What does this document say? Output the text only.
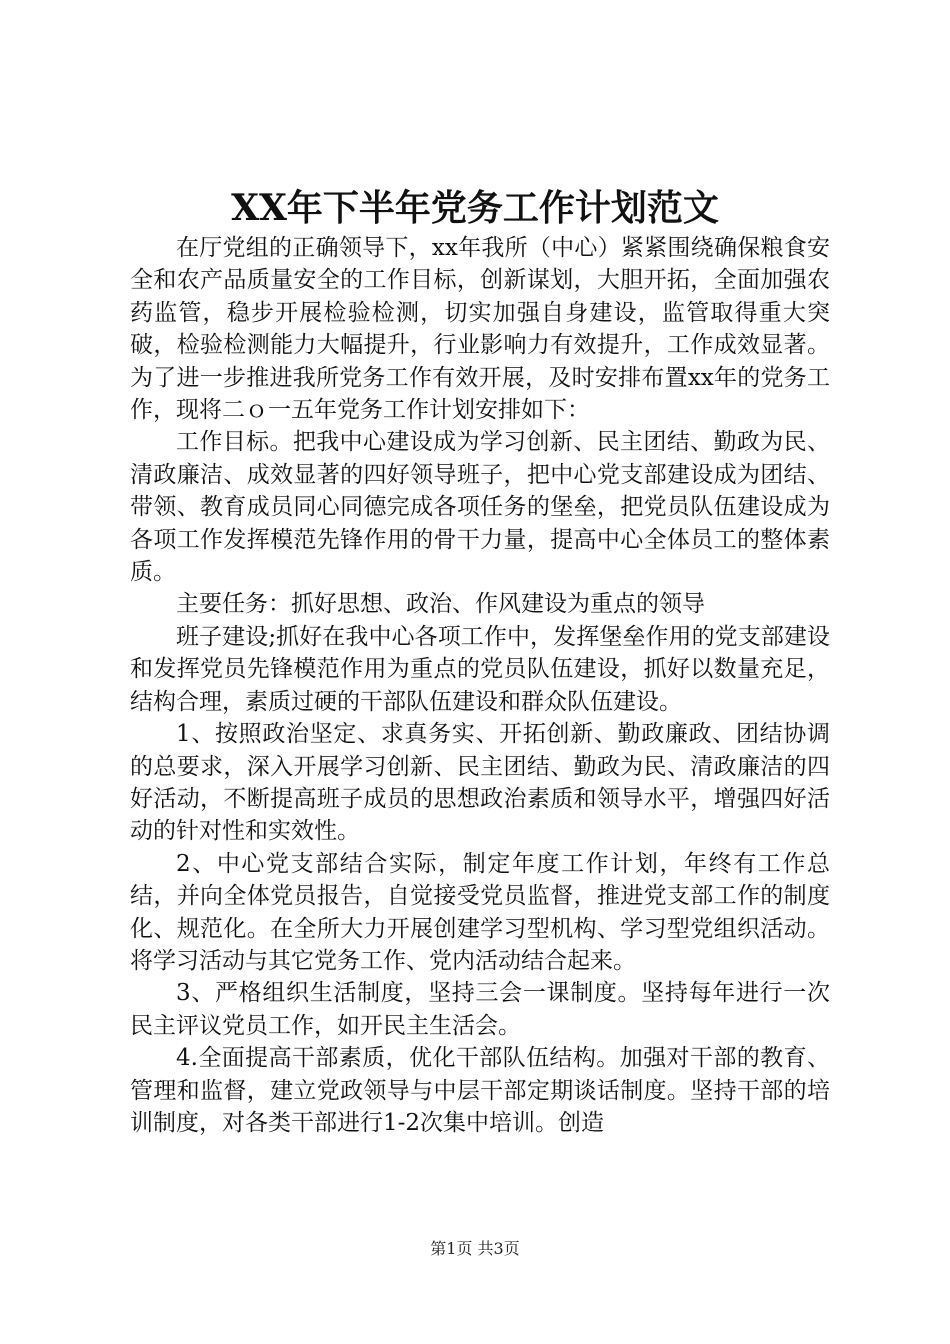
XX年下半年党务工作计划范文

在厅党组的正确领导下，xx年我所（中心）紧紧围绕确保粮食安全和农产品质量安全的工作目标，创新谋划，大胆开拓，全面加强农药监管，稳步开展检验检测，切实加强自身建设，监管取得重大突破，检验检测能力大幅提升，行业影响力有效提升，工作成效显著。为了进一步推进我所党务工作有效开展，及时安排布置xx年的党务工作，现将二ｏ一五年党务工作计划安排如下：

工作目标。把我中心建设成为学习创新、民主团结、勤政为民、清政廉洁、成效显著的四好领导班子，把中心党支部建设成为团结、带领、教育成员同心同德完成各项任务的堡垒，把党员队伍建设成为各项工作发挥模范先锋作用的骨干力量，提高中心全体员工的整体素质。

主要任务：抓好思想、政治、作风建设为重点的领导

班子建设;抓好在我中心各项工作中，发挥堡垒作用的党支部建设和发挥党员先锋模范作用为重点的党员队伍建设，抓好以数量充足，结构合理，素质过硬的干部队伍建设和群众队伍建设。

1、按照政治坚定、求真务实、开拓创新、勤政廉政、团结协调的总要求，深入开展学习创新、民主团结、勤政为民、清政廉洁的四好活动，不断提高班子成员的思想政治素质和领导水平，增强四好活动的针对性和实效性。

2、中心党支部结合实际，制定年度工作计划，年终有工作总结，并向全体党员报告，自觉接受党员监督，推进党支部工作的制度化、规范化。在全所大力开展创建学习型机构、学习型党组织活动。将学习活动与其它党务工作、党内活动结合起来。

3、严格组织生活制度，坚持三会一课制度。坚持每年进行一次民主评议党员工作，如开民主生活会。

4.全面提高干部素质，优化干部队伍结构。加强对干部的教育、管理和监督，建立党政领导与中层干部定期谈话制度。坚持干部的培训制度，对各类干部进行1-2次集中培训。创造

第1页 共3页
